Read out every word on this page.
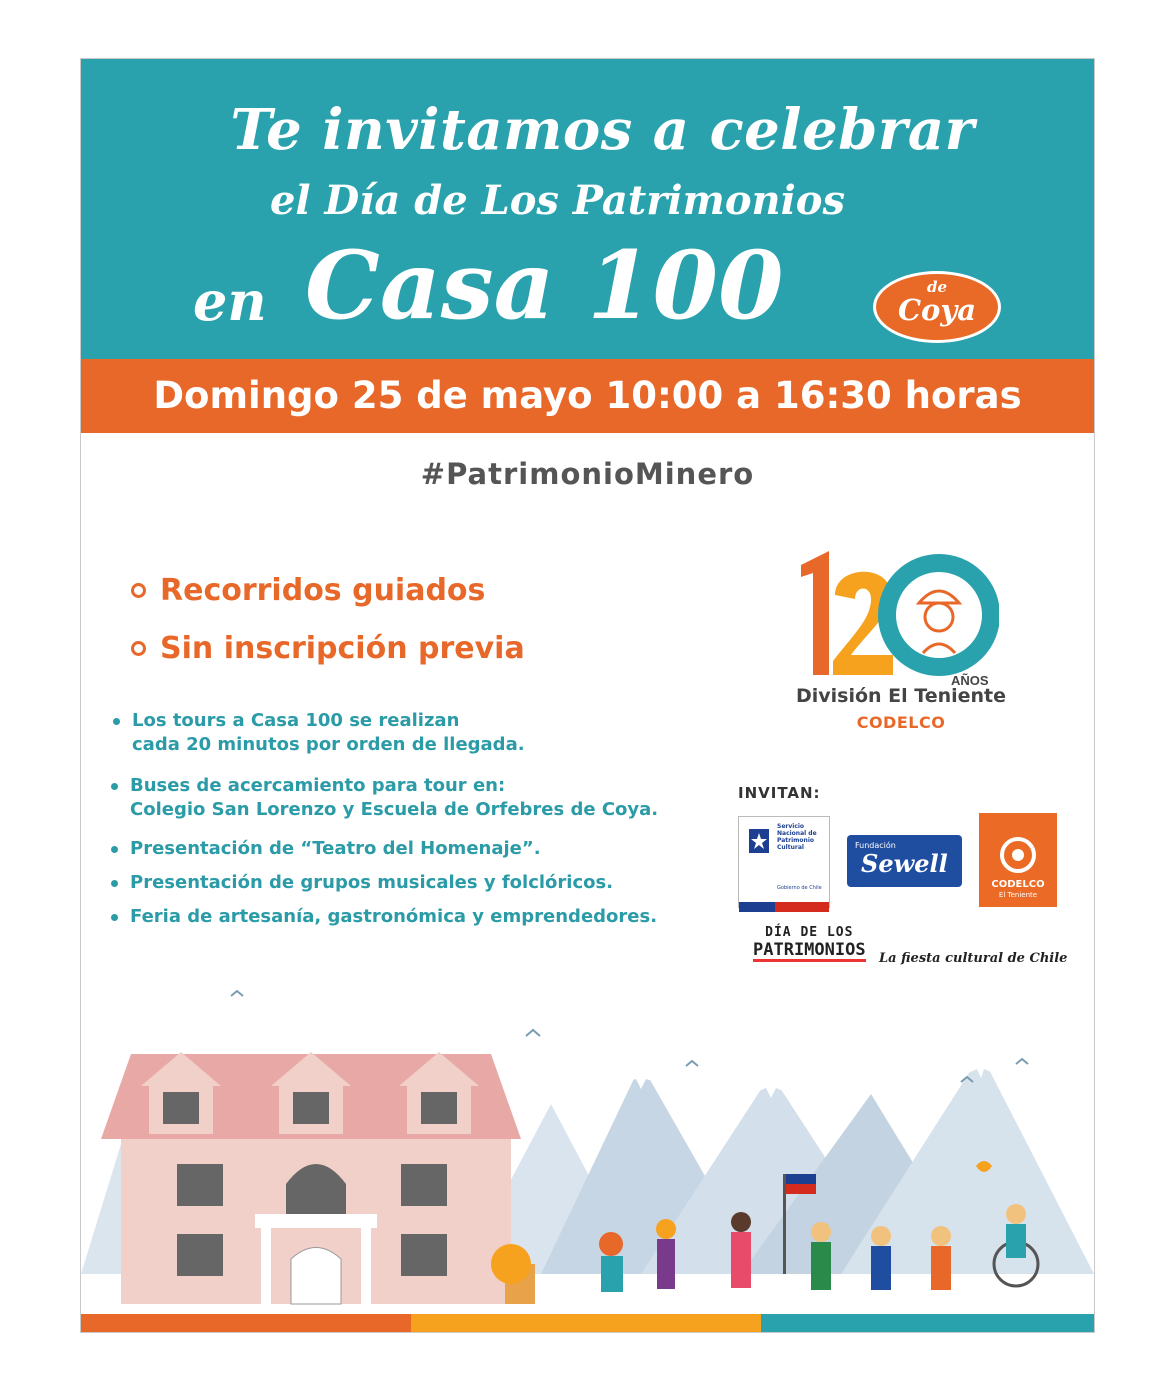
Te invitamos a celebrar
el Día de Los Patrimonios
en Casa 100	de
Coya
Domingo 25 de mayo 10:00 a 16:30 horas
#PatrimonioMinero
Recorridos guiados
Sin inscripción previa
Los tours a Casa 100 se realizan
cada 20 minutos por orden de llegada.
Buses de acercamiento para tour en:
Colegio San Lorenzo y Escuela de Orfebres de Coya.
Presentación de “Teatro del Homenaje”.
Presentación de grupos musicales y folclóricos.
Feria de artesanía, gastronómica y emprendedores.
AÑOS
División El Teniente
CODELCO
INVITAN:
Servicio Nacional de Patrimonio Cultural
Gobierno de Chile
Fundación
Sewell
CODELCO
El Teniente
DÍA DE LOS
PATRIMONIOS La fiesta cultural de Chile
